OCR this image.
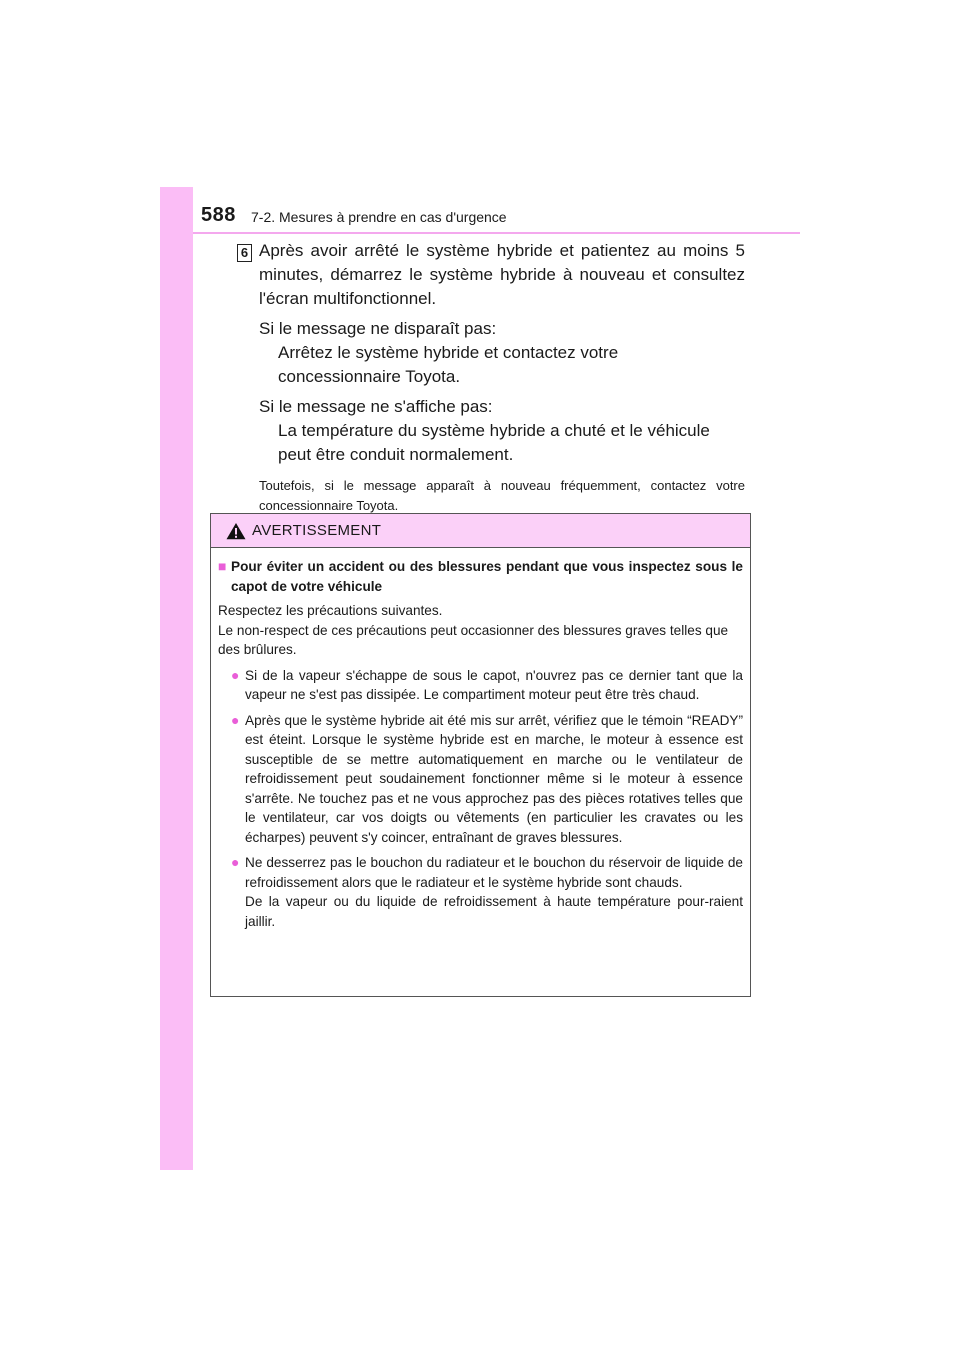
588 7-2. Mesures à prendre en cas d'urgence
6 Après avoir arrêté le système hybride et patientez au moins 5 minutes, démarrez le système hybride à nouveau et consultez l'écran multifonctionnel.

Si le message ne disparaît pas:

Arrêtez le système hybride et contactez votre concessionnaire Toyota.

Si le message ne s'affiche pas:

La température du système hybride a chuté et le véhicule peut être conduit normalement.

Toutefois, si le message apparaît à nouveau fréquemment, contactez votre concessionnaire Toyota.

AVERTISSEMENT
■ Pour éviter un accident ou des blessures pendant que vous inspectez sous le capot de votre véhicule

Respectez les précautions suivantes.

Le non-respect de ces précautions peut occasionner des blessures graves telles que des brûlures.

● Si de la vapeur s'échappe de sous le capot, n'ouvrez pas ce dernier tant que la vapeur ne s'est pas dissipée. Le compartiment moteur peut être très chaud.

● Après que le système hybride ait été mis sur arrêt, vérifiez que le témoin “READY” est éteint. Lorsque le système hybride est en marche, le moteur à essence est susceptible de se mettre automatiquement en marche ou le ventilateur de refroidissement peut soudainement fonctionner même si le moteur à essence s'arrête. Ne touchez pas et ne vous approchez pas des pièces rotatives telles que le ventilateur, car vos doigts ou vêtements (en particulier les cravates ou les écharpes) peuvent s'y coincer, entraînant de graves blessures.

● Ne desserrez pas le bouchon du radiateur et le bouchon du réservoir de liquide de refroidissement alors que le radiateur et le système hybride sont chauds.

De la vapeur ou du liquide de refroidissement à haute température pour-raient jaillir.
